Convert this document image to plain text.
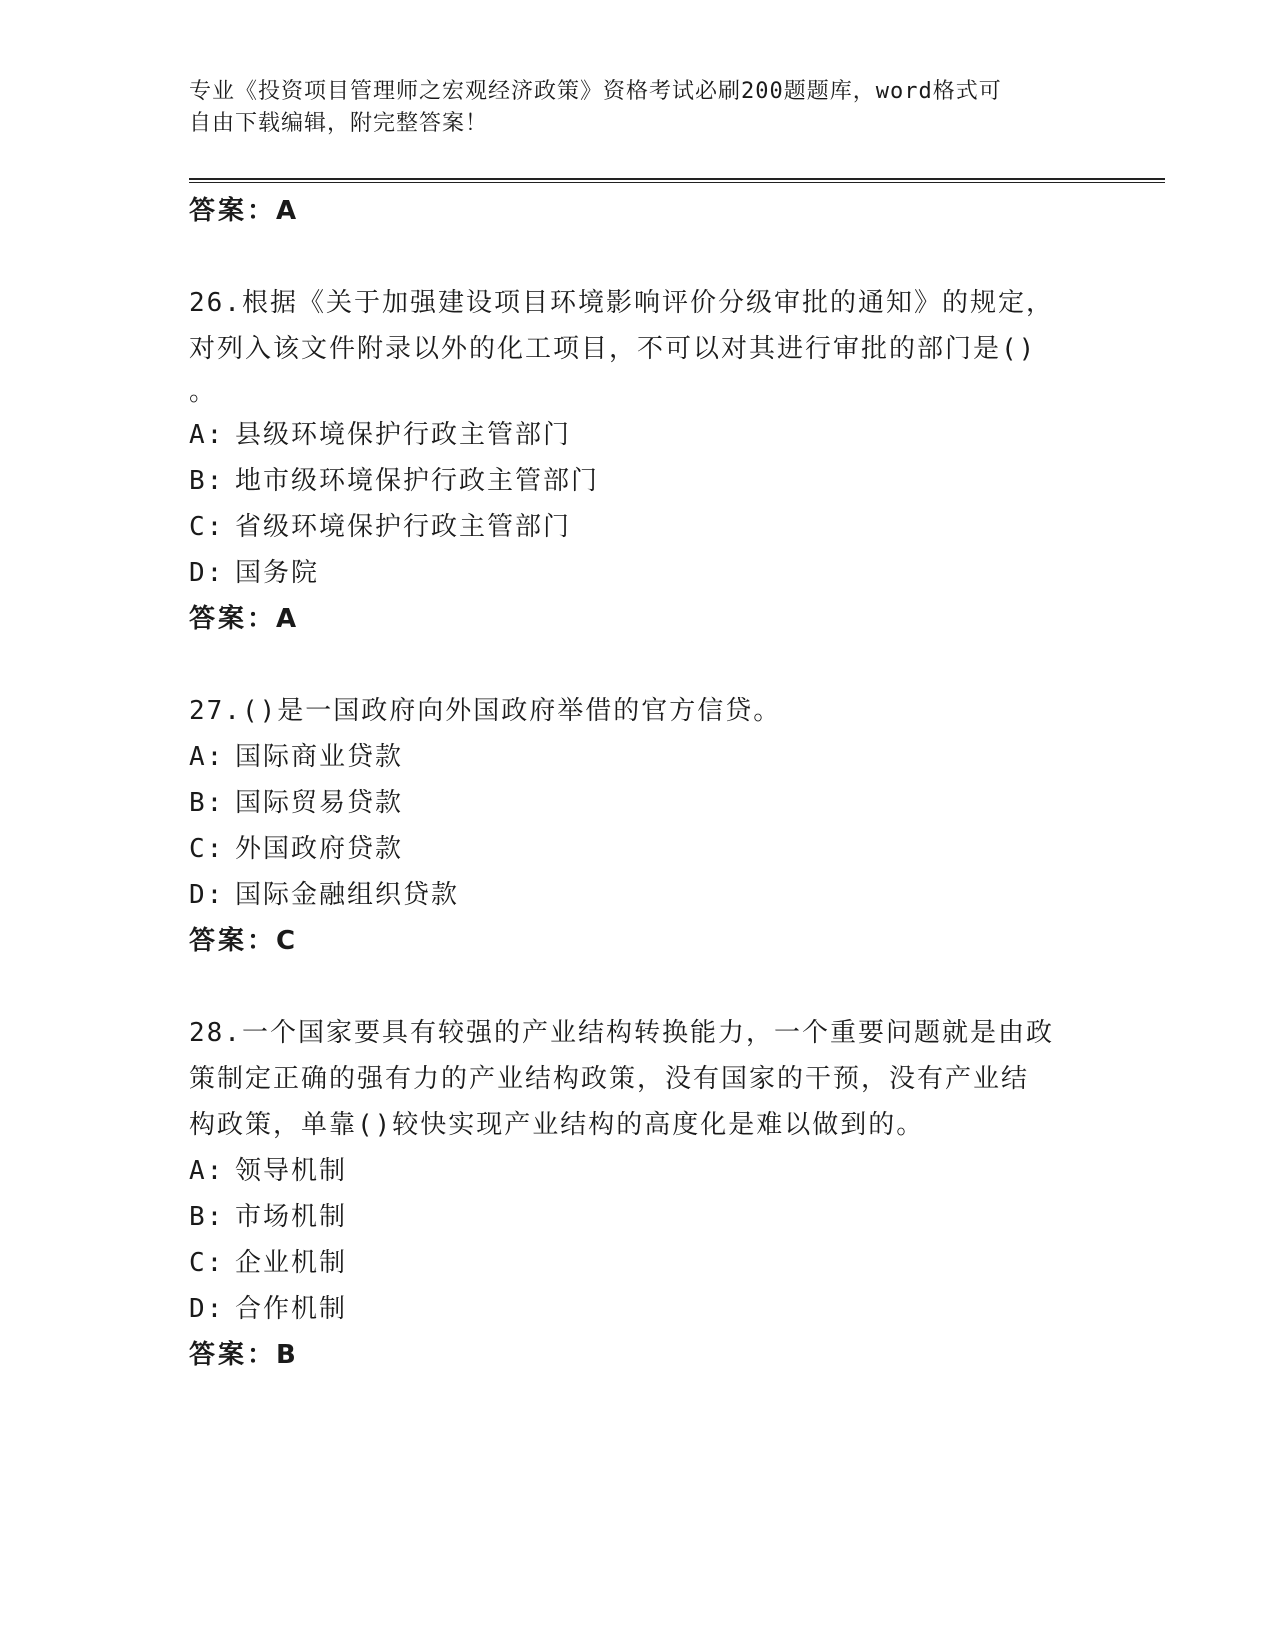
专业《投资项目管理师之宏观经济政策》资格考试必刷200题题库，word格式可
自由下载编辑，附完整答案！
答案：A
26.根据《关于加强建设项目环境影响评价分级审批的通知》的规定，
对列入该文件附录以外的化工项目，不可以对其进行审批的部门是()
。
A: 县级环境保护行政主管部门
B: 地市级环境保护行政主管部门
C: 省级环境保护行政主管部门
D: 国务院
答案：A
27.()是一国政府向外国政府举借的官方信贷。
A: 国际商业贷款
B: 国际贸易贷款
C: 外国政府贷款
D: 国际金融组织贷款
答案：C
28.一个国家要具有较强的产业结构转换能力，一个重要问题就是由政
策制定正确的强有力的产业结构政策，没有国家的干预，没有产业结
构政策，单靠()较快实现产业结构的高度化是难以做到的。
A: 领导机制
B: 市场机制
C: 企业机制
D: 合作机制
答案：B
